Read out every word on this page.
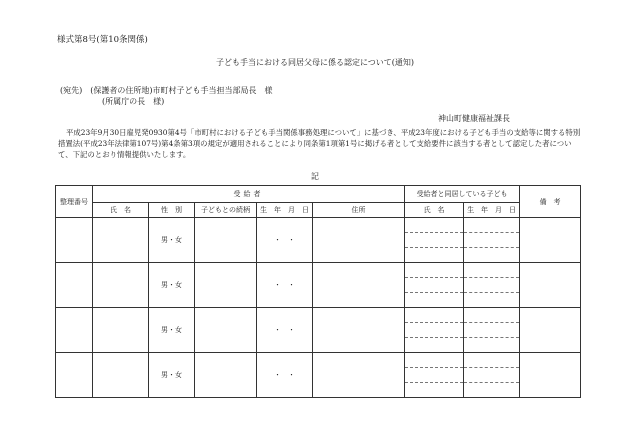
様式第8号(第10条関係)
子ども手当における同居父母に係る認定について(通知)
(宛先)　(保護者の住所地)市町村子ども手当担当部局長　様
(所属庁の長　様)
神山町健康福祉課長
平成23年9月30日雇児発0930第4号「市町村における子ども手当関係事務処理について」に基づき、平成23年度における子ども手当の支給等に関する特別措置法(平成23年法律第107号)第4条第3項の規定が適用されることにより同条第1項第1号に掲げる者として支給要件に該当する者として認定した者について、下記のとおり情報提供いたします。
記
整理番号	受給者					受給者と同居している子ども		備　考
	氏　名	性　別	子どもとの続柄	生　年　月　日	住所	氏　名	生　年　月　日	
		男・女		・　・				

		男・女		・　・				

		男・女		・　・				

		男・女		・　・				
